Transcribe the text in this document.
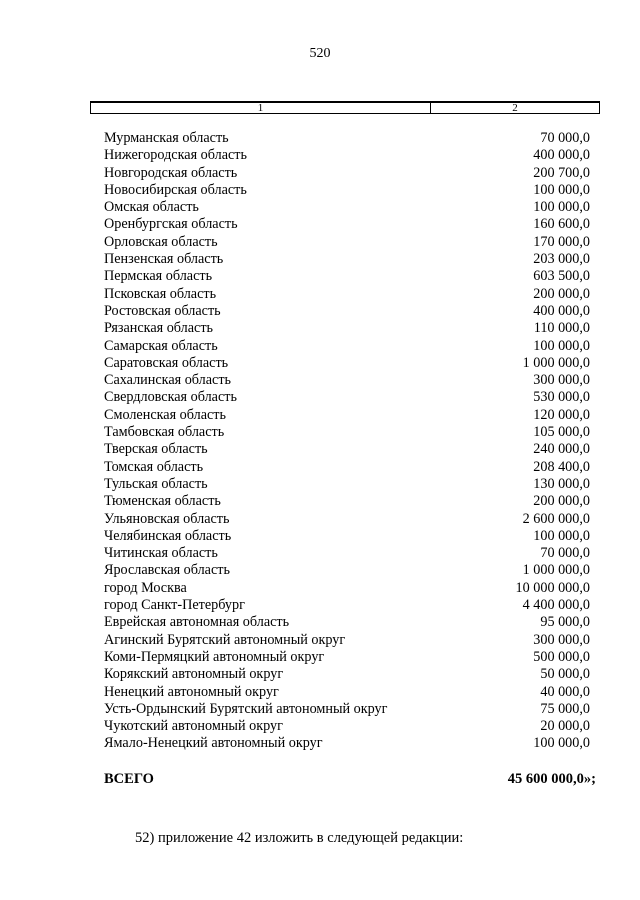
520
1	2
Мурманская область	70 000,0
Нижегородская область	400 000,0
Новгородская область	200 700,0
Новосибирская область	100 000,0
Омская область	100 000,0
Оренбургская область	160 600,0
Орловская область	170 000,0
Пензенская область	203 000,0
Пермская область	603 500,0
Псковская область	200 000,0
Ростовская область	400 000,0
Рязанская область	110 000,0
Самарская область	100 000,0
Саратовская область	1 000 000,0
Сахалинская область	300 000,0
Свердловская область	530 000,0
Смоленская область	120 000,0
Тамбовская область	105 000,0
Тверская область	240 000,0
Томская область	208 400,0
Тульская область	130 000,0
Тюменская область	200 000,0
Ульяновская область	2 600 000,0
Челябинская область	100 000,0
Читинская область	70 000,0
Ярославская область	1 000 000,0
город Москва	10 000 000,0
город Санкт-Петербург	4 400 000,0
Еврейская автономная область	95 000,0
Агинский Бурятский автономный округ	300 000,0
Коми-Пермяцкий автономный округ	500 000,0
Корякский автономный округ	50 000,0
Ненецкий автономный округ	40 000,0
Усть-Ордынский Бурятский автономный округ	75 000,0
Чукотский автономный округ	20 000,0
Ямало-Ненецкий автономный округ	100 000,0
ВСЕГО	45 600 000,0»;
52) приложение 42 изложить в следующей редакции:
